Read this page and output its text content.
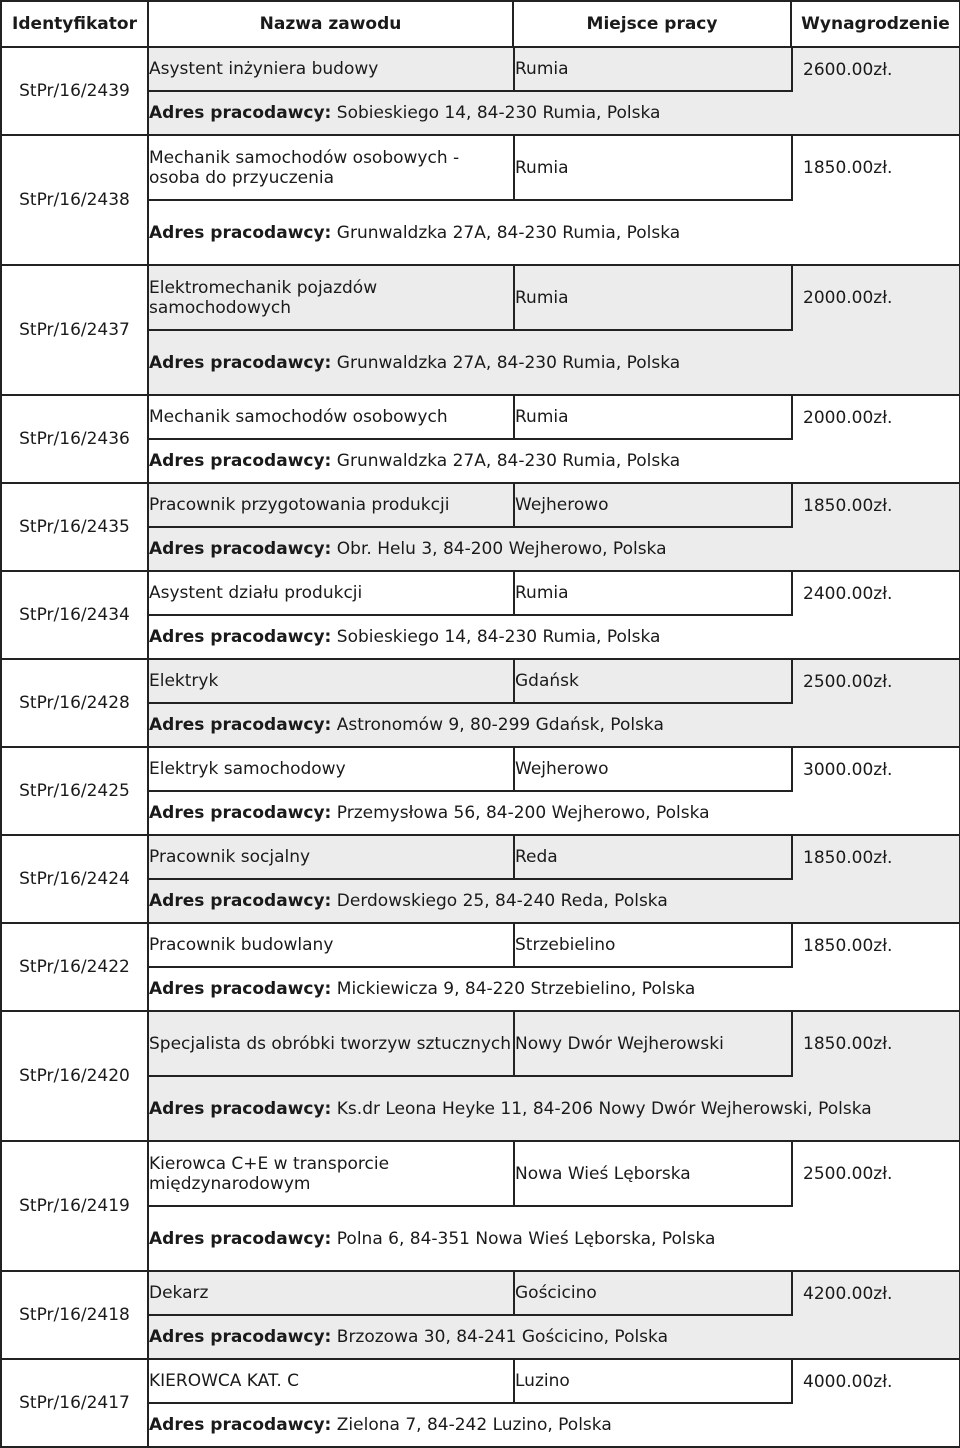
Identyfikator	Nazwa zawodu	Miejsce pracy	Wynagrodzenie
StPr/16/2439	
Asystent inżyniera budowy	Rumia	2600.00zł.
Adres pracodawcy: Sobieskiego 14, 84-230 Rumia, Polska

StPr/16/2438	
Mechanik samochodów osobowych - osoba do przyuczenia	Rumia	1850.00zł.
Adres pracodawcy: Grunwaldzka 27A, 84-230 Rumia, Polska

StPr/16/2437	
Elektromechanik pojazdów samochodowych	Rumia	2000.00zł.
Adres pracodawcy: Grunwaldzka 27A, 84-230 Rumia, Polska

StPr/16/2436	
Mechanik samochodów osobowych	Rumia	2000.00zł.
Adres pracodawcy: Grunwaldzka 27A, 84-230 Rumia, Polska

StPr/16/2435	
Pracownik przygotowania produkcji	Wejherowo	1850.00zł.
Adres pracodawcy: Obr. Helu 3, 84-200 Wejherowo, Polska

StPr/16/2434	
Asystent działu produkcji	Rumia	2400.00zł.
Adres pracodawcy: Sobieskiego 14, 84-230 Rumia, Polska

StPr/16/2428	
Elektryk	Gdańsk	2500.00zł.
Adres pracodawcy: Astronomów 9, 80-299 Gdańsk, Polska

StPr/16/2425	
Elektryk samochodowy	Wejherowo	3000.00zł.
Adres pracodawcy: Przemysłowa 56, 84-200 Wejherowo, Polska

StPr/16/2424	
Pracownik socjalny	Reda	1850.00zł.
Adres pracodawcy: Derdowskiego 25, 84-240 Reda, Polska

StPr/16/2422	
Pracownik budowlany	Strzebielino	1850.00zł.
Adres pracodawcy: Mickiewicza 9, 84-220 Strzebielino, Polska

StPr/16/2420	
Specjalista ds obróbki tworzyw sztucznych	Nowy Dwór Wejherowski	1850.00zł.
Adres pracodawcy: Ks.dr Leona Heyke 11, 84-206 Nowy Dwór Wejherowski, Polska

StPr/16/2419	
Kierowca C+E w transporcie międzynarodowym	Nowa Wieś Lęborska	2500.00zł.
Adres pracodawcy: Polna 6, 84-351 Nowa Wieś Lęborska, Polska

StPr/16/2418	
Dekarz	Gościcino	4200.00zł.
Adres pracodawcy: Brzozowa 30, 84-241 Gościcino, Polska

StPr/16/2417	
KIEROWCA KAT. C	Luzino	4000.00zł.
Adres pracodawcy: Zielona 7, 84-242 Luzino, Polska
